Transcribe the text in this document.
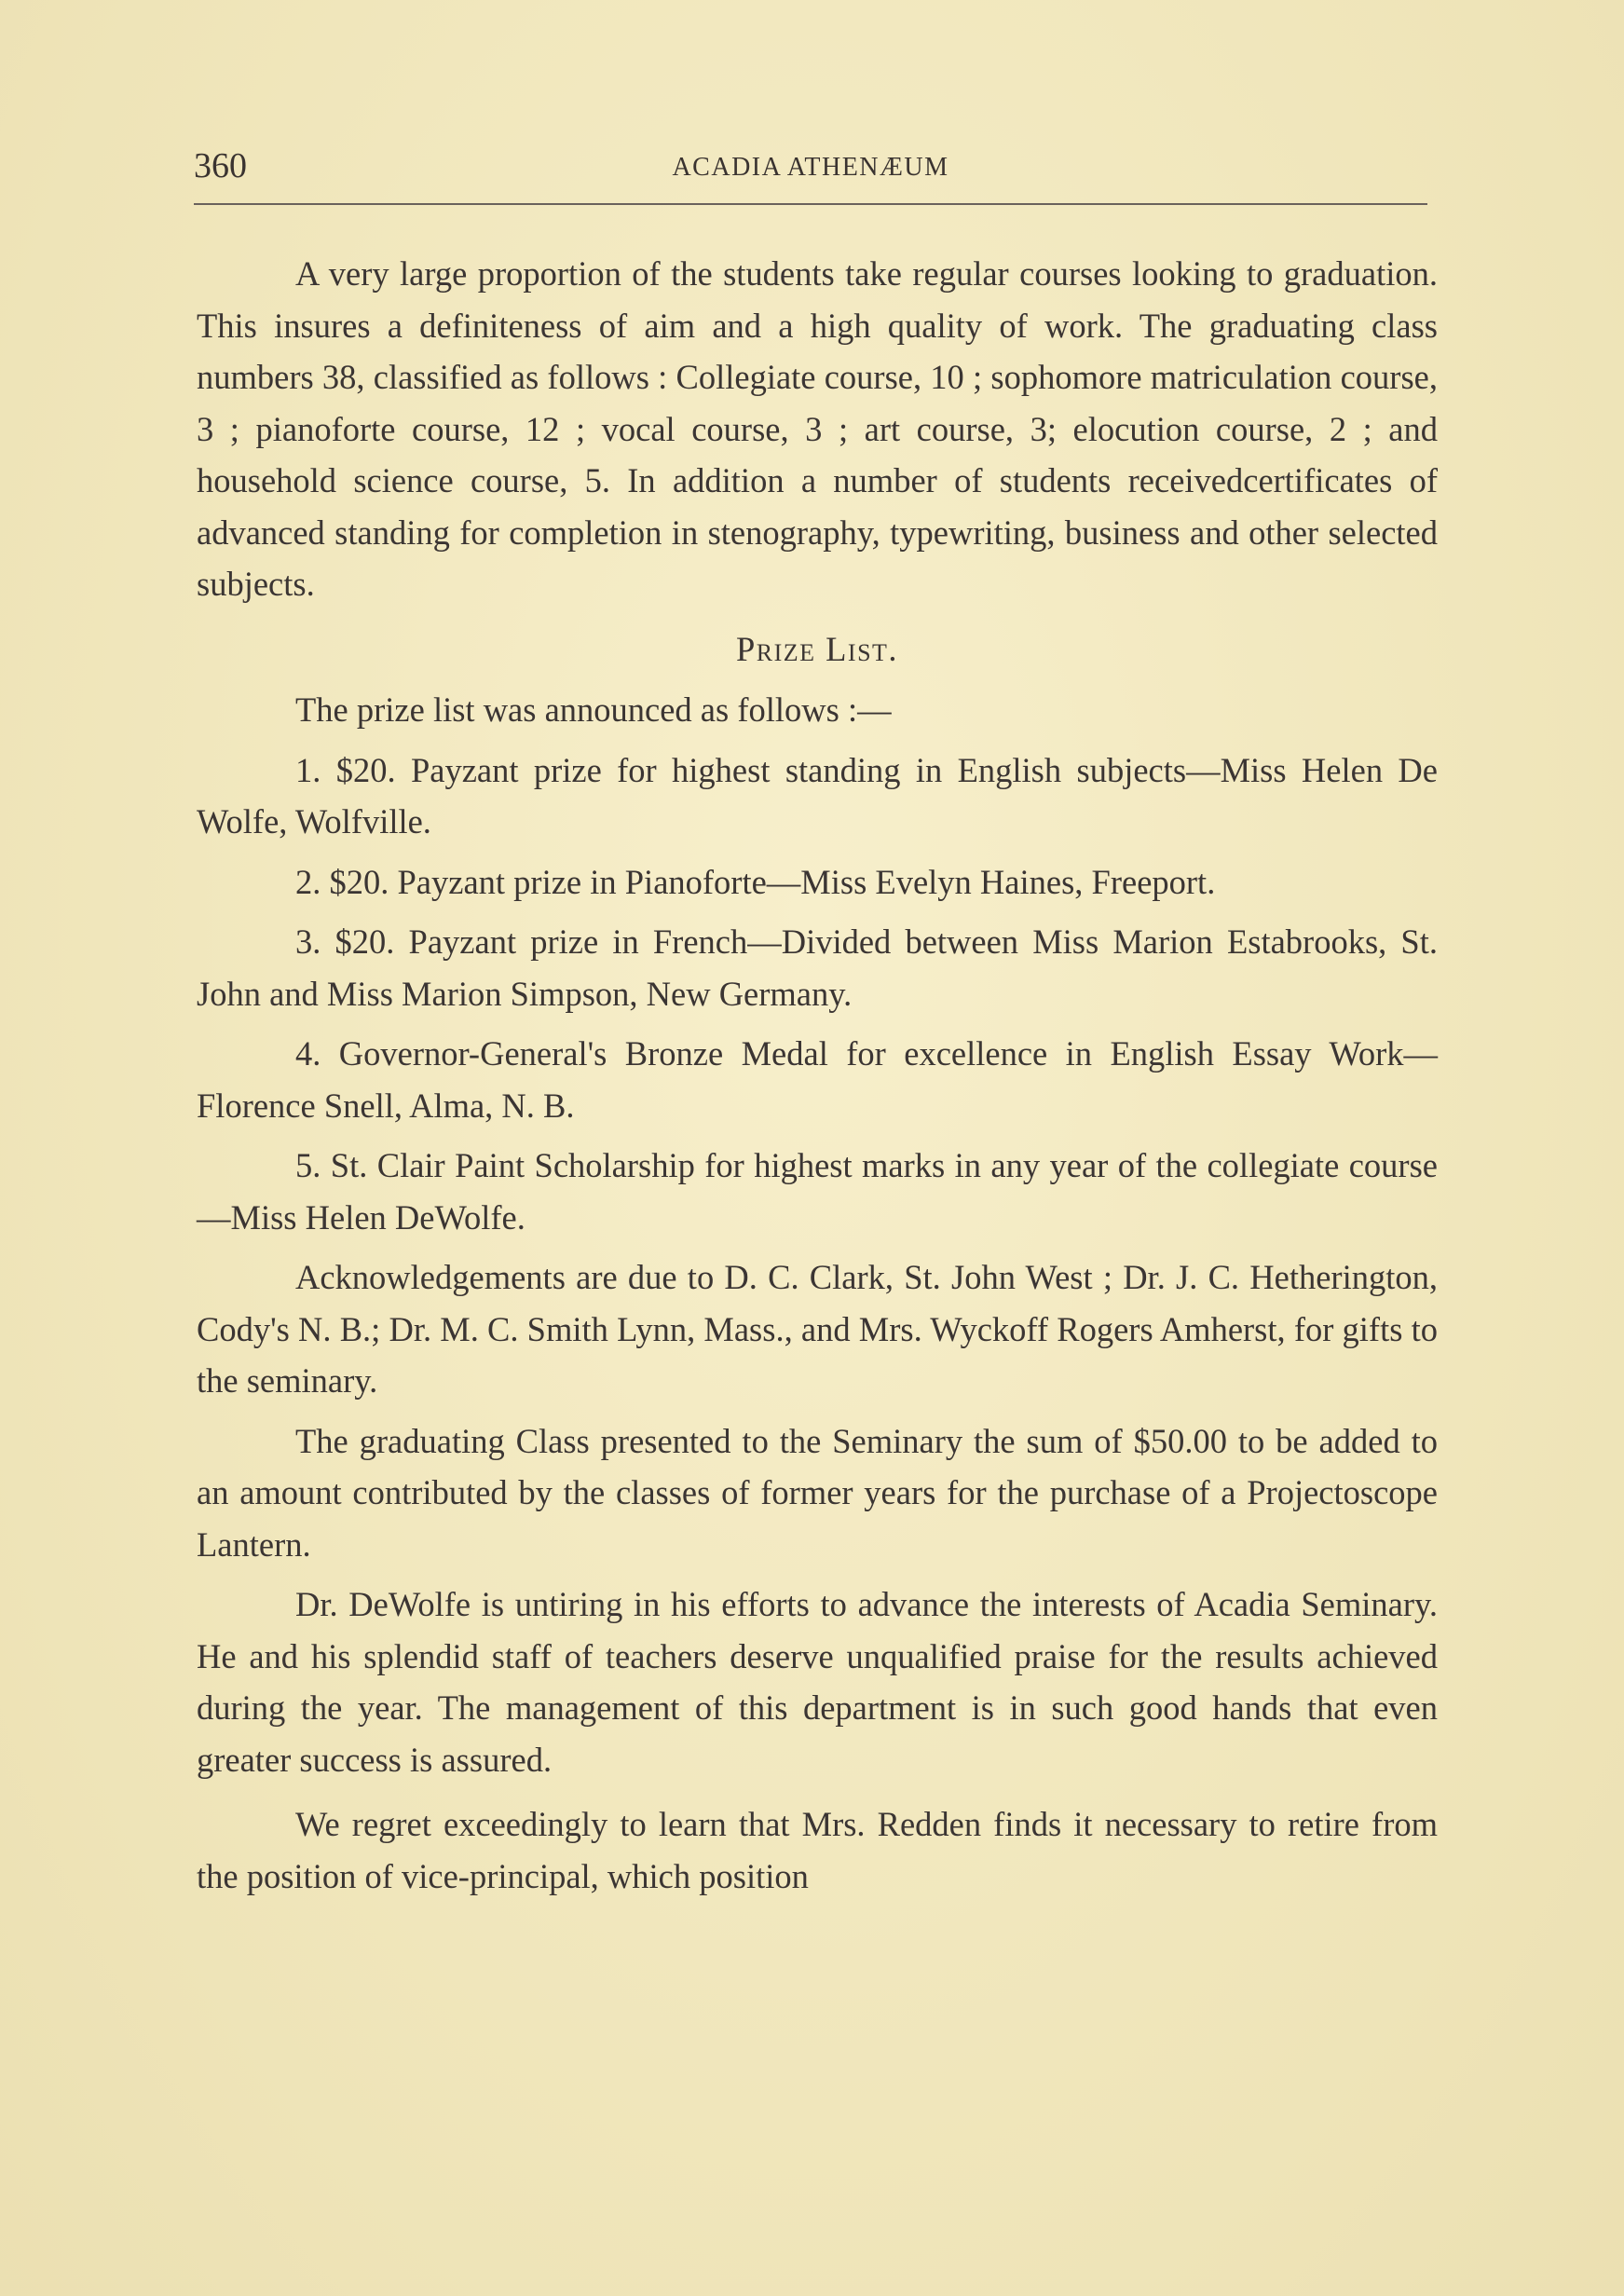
360	ACADIA ATHENÆUM

A very large proportion of the students take regular courses looking to graduation. This insures a definiteness of aim and a high quality of work. The graduating class numbers 38, classified as follows : Collegiate course, 10 ; sophomore matriculation course, 3 ; pianoforte course, 12 ; vocal course, 3 ; art course, 3; elocution course, 2 ; and household science course, 5. In addition a number of students receivedcertificates of advanced standing for completion in stenography, typewriting, business and other selected subjects.

Prize List.

The prize list was announced as follows :—

1. $20. Payzant prize for highest standing in English subjects—Miss Helen De Wolfe, Wolfville.

2. $20. Payzant prize in Pianoforte—Miss Evelyn Haines, Freeport.

3. $20. Payzant prize in French—Divided between Miss Marion Estabrooks, St. John and Miss Marion Simpson, New Germany.

4. Governor-General's Bronze Medal for excellence in English Essay Work—Florence Snell, Alma, N. B.

5. St. Clair Paint Scholarship for highest marks in any year of the collegiate course—Miss Helen DeWolfe.

Acknowledgements are due to D. C. Clark, St. John West ; Dr. J. C. Hetherington, Cody's N. B.; Dr. M. C. Smith Lynn, Mass., and Mrs. Wyckoff Rogers Amherst, for gifts to the seminary.

The graduating Class presented to the Seminary the sum of $50.00 to be added to an amount contributed by the classes of former years for the purchase of a Projectoscope Lantern.

Dr. DeWolfe is untiring in his efforts to advance the interests of Acadia Seminary. He and his splendid staff of teachers deserve unqualified praise for the results achieved during the year. The management of this department is in such good hands that even greater success is assured.

We regret exceedingly to learn that Mrs. Redden finds it necessary to retire from the position of vice-principal, which position
